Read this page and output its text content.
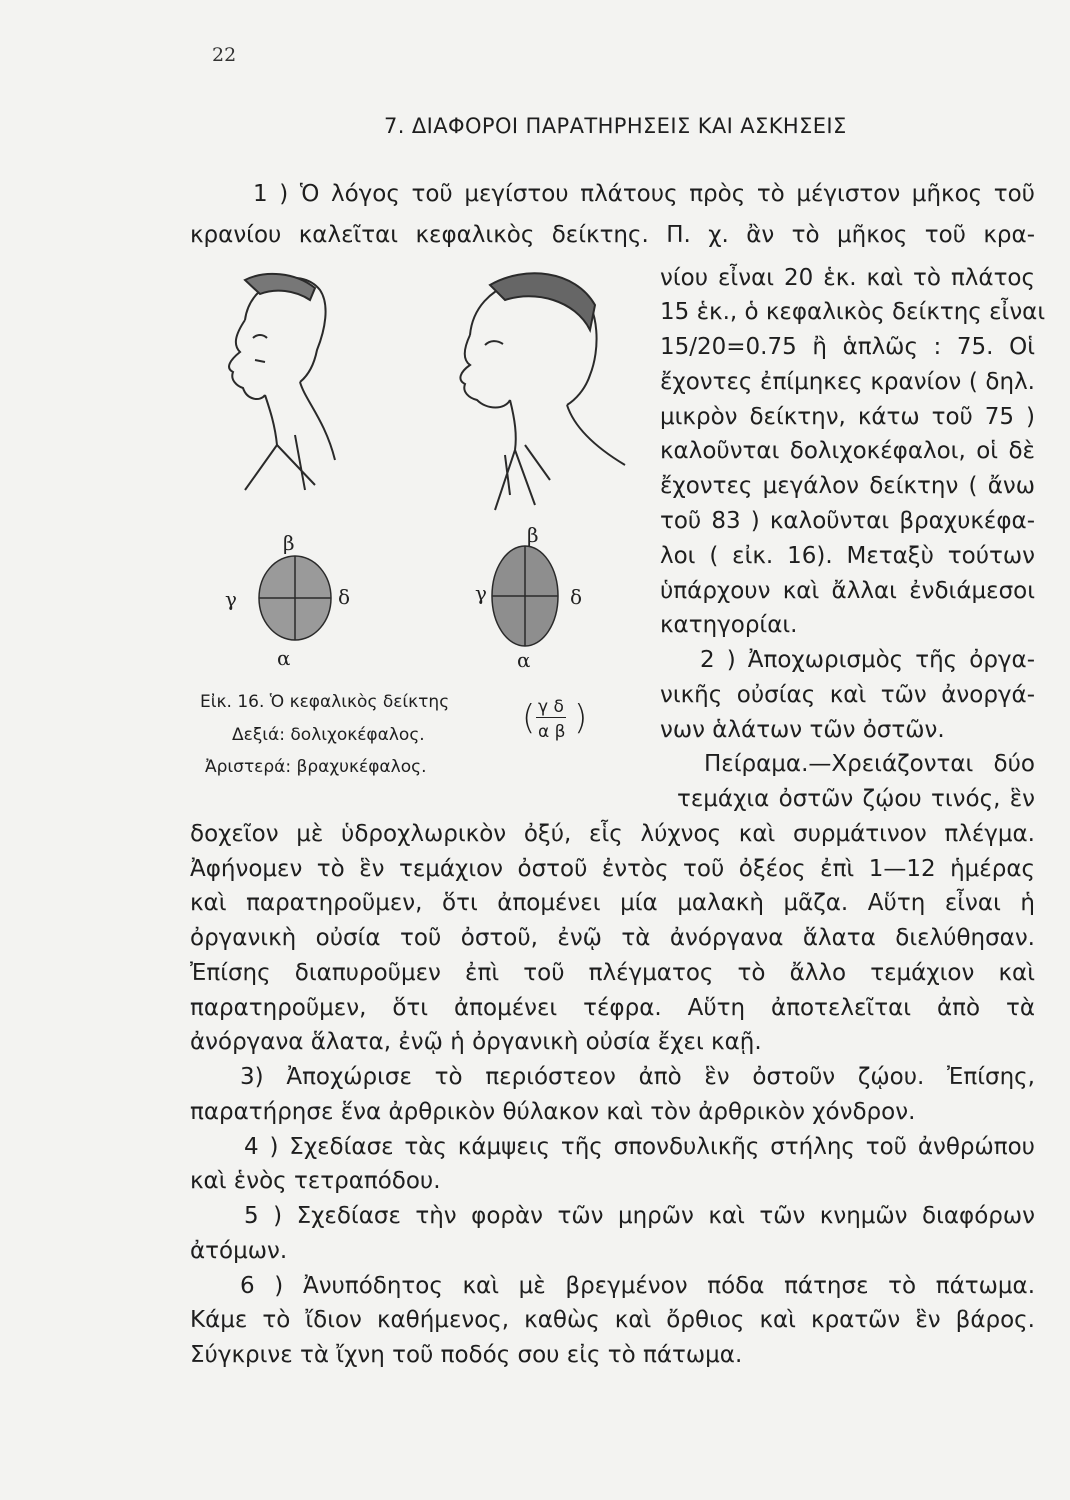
22
7. ΔΙΑΦΟΡΟΙ ΠΑΡΑΤΗΡΗΣΕΙΣ ΚΑΙ ΑΣΚΗΣΕΙΣ
1 ) Ὁ λόγος τοῦ μεγίστου πλάτους πρὸς τὸ μέγιστον μῆκος τοῦ
κρανίου καλεῖται κεφαλικὸς δείκτης. Π. χ. ἂν τὸ μῆκος τοῦ κρα-
νίου εἶναι 20 ἑκ. καὶ τὸ πλάτος
15 ἑκ., ὁ κεφαλικὸς δείκτης εἶναι
15/20=0.75 ἢ ἁπλῶς : 75. Οἱ
ἔχοντες ἐπίμηκες κρανίον ( δηλ.
μικρὸν δείκτην, κάτω τοῦ 75 )
καλοῦνται δολιχοκέφαλοι, οἱ δὲ
ἔχοντες μεγάλον δείκτην ( ἄνω
τοῦ 83 ) καλοῦνται βραχυκέφα-
λοι ( εἰκ. 16). Μεταξὺ τούτων
ὑπάρχουν καὶ ἄλλαι ἐνδιάμεσοι
κατηγορίαι.
2 ) Ἀποχωρισμὸς τῆς ὀργα-
νικῆς οὐσίας καὶ τῶν ἀνοργά-
νων ἁλάτων τῶν ὀστῶν.
Πείραμα.—Χρειάζονται δύο
τεμάχια ὀστῶν ζῴου τινός, ἓν
δοχεῖον μὲ ὑδροχλωρικὸν ὀξύ, εἷς λύχνος καὶ συρμάτινον πλέγμα.
Ἀφήνομεν τὸ ἓν τεμάχιον ὀστοῦ ἐντὸς τοῦ ὀξέος ἐπὶ 1—12 ἡμέρας
καὶ παρατηροῦμεν, ὅτι ἀπομένει μία μαλακὴ μᾶζα. Αὕτη εἶναι ἡ
ὀργανικὴ οὐσία τοῦ ὀστοῦ, ἐνῷ τὰ ἀνόργανα ἅλατα διελύθησαν.
Ἐπίσης διαπυροῦμεν ἐπὶ τοῦ πλέγματος τὸ ἄλλο τεμάχιον καὶ
παρατηροῦμεν, ὅτι ἀπομένει τέφρα. Αὕτη ἀποτελεῖται ἀπὸ τὰ
ἀνόργανα ἅλατα, ἐνῷ ἡ ὀργανικὴ οὐσία ἔχει καῇ.
3) Ἀποχώρισε τὸ περιόστεον ἀπὸ ἓν ὀστοῦν ζῴου. Ἐπίσης,
παρατήρησε ἕνα ἀρθρικὸν θύλακον καὶ τὸν ἀρθρικὸν χόνδρον.
4 ) Σχεδίασε τὰς κάμψεις τῆς σπονδυλικῆς στήλης τοῦ ἀνθρώπου
καὶ ἑνὸς τετραπόδου.
5 ) Σχεδίασε τὴν φορὰν τῶν μηρῶν καὶ τῶν κνημῶν διαφόρων
ἀτόμων.
6 ) Ἀνυπόδητος καὶ μὲ βρεγμένον πόδα πάτησε τὸ πάτωμα.
Κάμε τὸ ἴδιον καθήμενος, καθὼς καὶ ὄρθιος καὶ κρατῶν ἓν βάρος.
Σύγκρινε τὰ ἴχνη τοῦ ποδός σου εἰς τὸ πάτωμα.
β
γ	δ
α
β
γ	δ
α
Εἰκ. 16. Ὁ κεφαλικὸς δείκτης
Δεξιά: δολιχοκέφαλος.
Ἀριστερά: βραχυκέφαλος.
( γ δ
α β )
